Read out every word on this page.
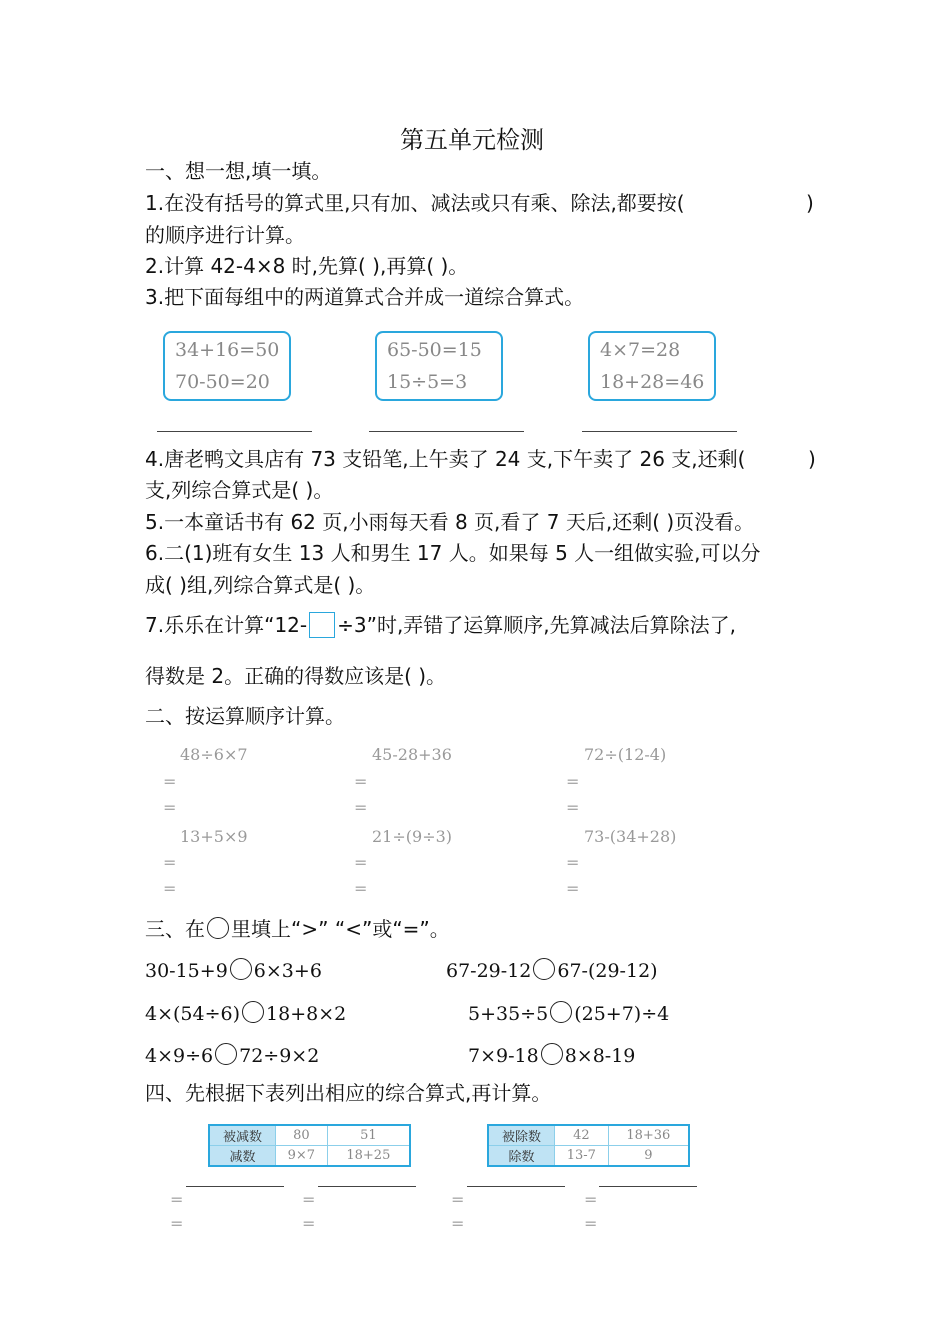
第五单元检测
一、想一想,填一填。
1.在没有括号的算式里,只有加、减法或只有乘、除法,都要按(	)
的顺序进行计算。
2.计算 42-4×8 时,先算( ),再算( )。
3.把下面每组中的两道算式合并成一道综合算式。
34+16=50
70-50=20
65-50=15
15÷5=3
4×7=28
18+28=46
4.唐老鸭文具店有 73 支铅笔,上午卖了 24 支,下午卖了 26 支,还剩(	)
支,列综合算式是( )。
5.一本童话书有 62 页,小雨每天看 8 页,看了 7 天后,还剩( )页没看。
6.二(1)班有女生 13 人和男生 17 人。如果每 5 人一组做实验,可以分
成( )组,列综合算式是( )。
7.乐乐在计算“12- ÷3”时,弄错了运算顺序,先算减法后算除法了,
得数是 2。正确的得数应该是( )。
二、按运算顺序计算。
48÷6×7	45-28+36	72÷(12-4)
=
=
=
=
=
=
13+5×9	21÷(9÷3)	73-(34+28)
=
=
=
=
=
=
三、在 里填上“>” “<”或“=”。
30-15+9 6×3+6	67-29-12 67-(29-12)
4×(54÷6) 18+8×2	5+35÷5 (25+7)÷4
4×9÷6 72÷9×2	7×9-18 8×8-19
四、先根据下表列出相应的综合算式,再计算。
被减数	80	51
减数	9×7	18+25
被除数	42	18+36
除数	13-7	9
=
=
=
=
=
=
=
=
